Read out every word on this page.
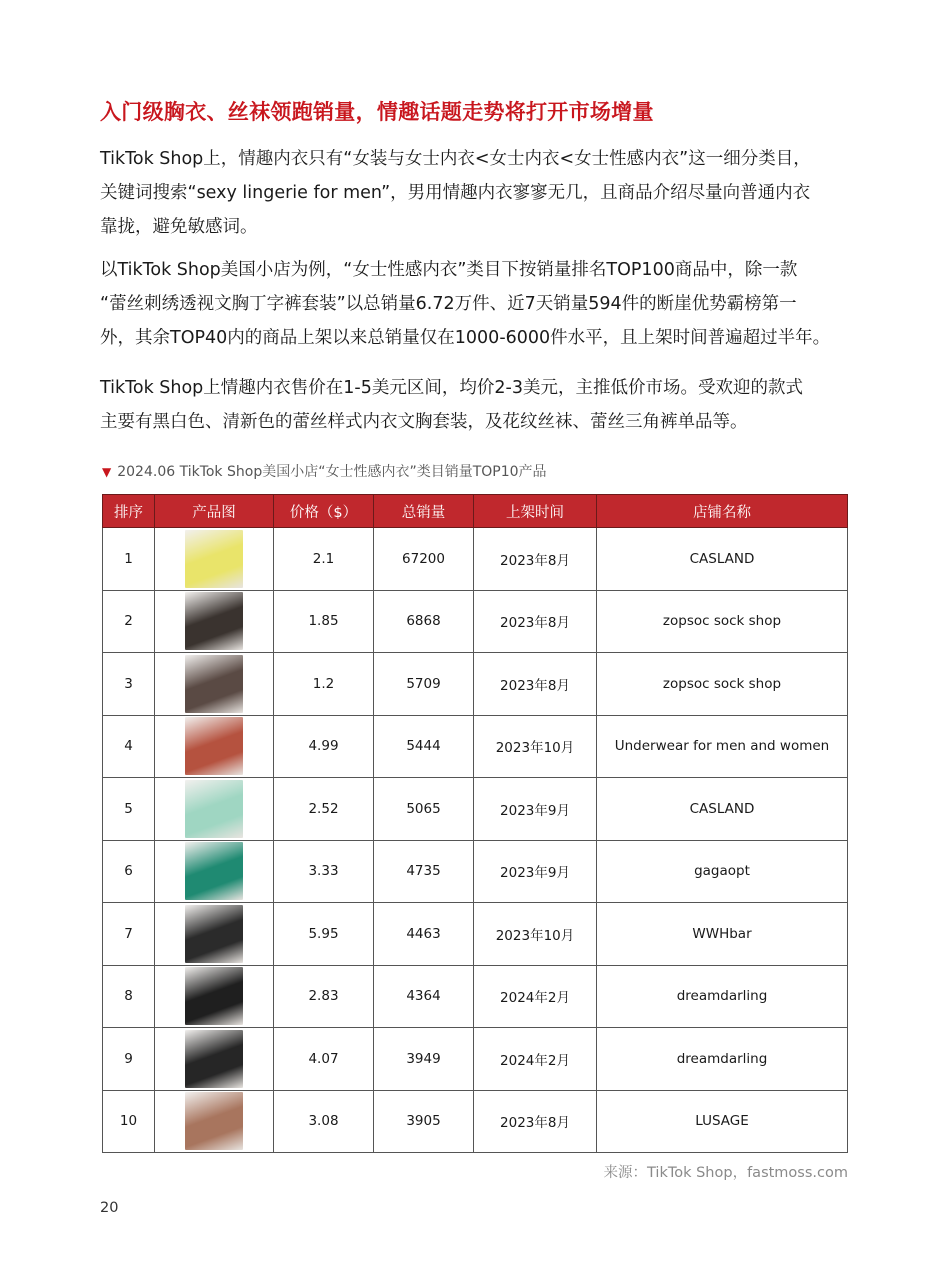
入门级胸衣、丝袜领跑销量，情趣话题走势将打开市场增量
TikTok Shop上，情趣内衣只有“女装与女士内衣<女士内衣<女士性感内衣”这一细分类目，
关键词搜索“sexy lingerie for men”，男用情趣内衣寥寥无几，且商品介绍尽量向普通内衣
靠拢，避免敏感词。
以TikTok Shop美国小店为例，“女士性感内衣”类目下按销量排名TOP100商品中，除一款
“蕾丝刺绣透视文胸丁字裤套装”以总销量6.72万件、近7天销量594件的断崖优势霸榜第一
外，其余TOP40内的商品上架以来总销量仅在1000-6000件水平，且上架时间普遍超过半年。
TikTok Shop上情趣内衣售价在1-5美元区间，均价2-3美元，主推低价市场。受欢迎的款式
主要有黑白色、清新色的蕾丝样式内衣文胸套装，及花纹丝袜、蕾丝三角裤单品等。
▼ 2024.06 TikTok Shop美国小店“女士性感内衣”类目销量TOP10产品
排序	产品图	价格（$）	总销量	上架时间	店铺名称
1		2.1	67200	2023年8月	CASLAND
2		1.85	6868	2023年8月	zopsoc sock shop
3		1.2	5709	2023年8月	zopsoc sock shop
4		4.99	5444	2023年10月	Underwear for men and women
5		2.52	5065	2023年9月	CASLAND
6		3.33	4735	2023年9月	gagaopt
7		5.95	4463	2023年10月	WWHbar
8		2.83	4364	2024年2月	dreamdarling
9		4.07	3949	2024年2月	dreamdarling
10		3.08	3905	2023年8月	LUSAGE
来源：TikTok Shop，fastmoss.com
20
